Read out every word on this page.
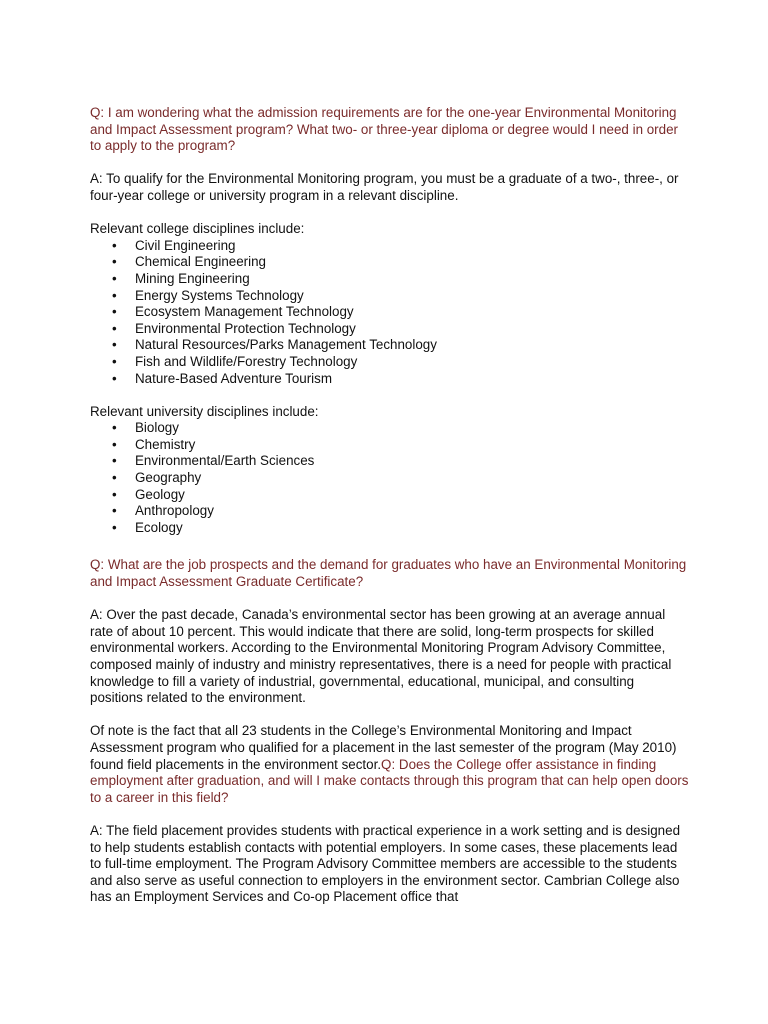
Q: I am wondering what the admission requirements are for the one-year Environmental Monitoring and Impact Assessment program? What two- or three-year diploma or degree would I need in order to apply to the program?

A: To qualify for the Environmental Monitoring program, you must be a graduate of a two-, three-, or four-year college or university program in a relevant discipline.

Relevant college disciplines include:

• Civil Engineering
• Chemical Engineering
• Mining Engineering
• Energy Systems Technology
• Ecosystem Management Technology
• Environmental Protection Technology
• Natural Resources/Parks Management Technology
• Fish and Wildlife/Forestry Technology
• Nature-Based Adventure Tourism

Relevant university disciplines include:

• Biology
• Chemistry
• Environmental/Earth Sciences
• Geography
• Geology
• Anthropology
• Ecology

Q: What are the job prospects and the demand for graduates who have an Environmental Monitoring and Impact Assessment Graduate Certificate?

A: Over the past decade, Canada’s environmental sector has been growing at an average annual rate of about 10 percent. This would indicate that there are solid, long-term prospects for skilled environmental workers. According to the Environmental Monitoring Program Advisory Committee, composed mainly of industry and ministry representatives, there is a need for people with practical knowledge to fill a variety of industrial, governmental, educational, municipal, and consulting positions related to the environment.

Of note is the fact that all 23 students in the College’s Environmental Monitoring and Impact Assessment program who qualified for a placement in the last semester of the program (May 2010) found field placements in the environment sector.Q: Does the College offer assistance in finding employment after graduation, and will I make contacts through this program that can help open doors to a career in this field?

A: The field placement provides students with practical experience in a work setting and is designed to help students establish contacts with potential employers. In some cases, these placements lead to full-time employment. The Program Advisory Committee members are accessible to the students and also serve as useful connection to employers in the environment sector. Cambrian College also has an Employment Services and Co-op Placement office that
